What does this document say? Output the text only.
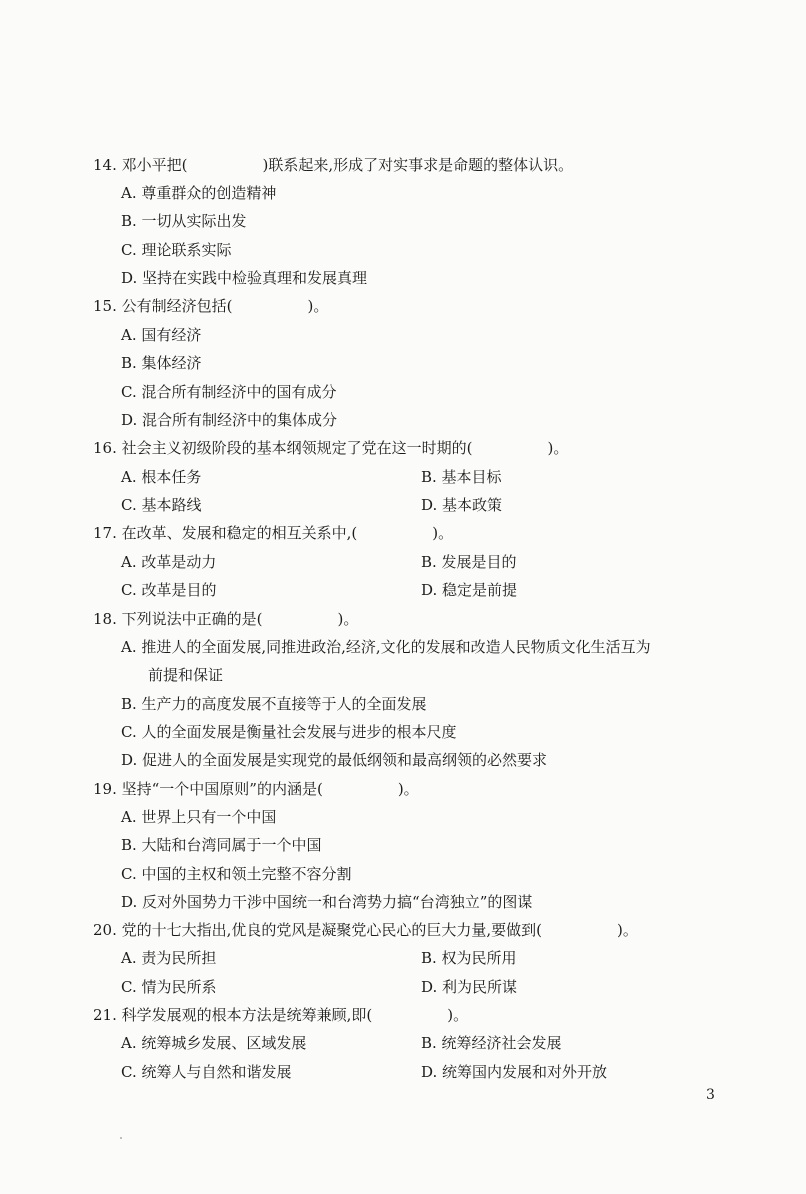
14. 邓小平把(　　　　　)联系起来,形成了对实事求是命题的整体认识。
A. 尊重群众的创造精神
B. 一切从实际出发
C. 理论联系实际
D. 坚持在实践中检验真理和发展真理
15. 公有制经济包括(　　　　　)。
A. 国有经济
B. 集体经济
C. 混合所有制经济中的国有成分
D. 混合所有制经济中的集体成分
16. 社会主义初级阶段的基本纲领规定了党在这一时期的(　　　　　)。
A. 根本任务	B. 基本目标
C. 基本路线	D. 基本政策
17. 在改革、发展和稳定的相互关系中,(　　　　　)。
A. 改革是动力	B. 发展是目的
C. 改革是目的	D. 稳定是前提
18. 下列说法中正确的是(　　　　　)。
A. 推进人的全面发展,同推进政治,经济,文化的发展和改造人民物质文化生活互为
前提和保证
B. 生产力的高度发展不直接等于人的全面发展
C. 人的全面发展是衡量社会发展与进步的根本尺度
D. 促进人的全面发展是实现党的最低纲领和最高纲领的必然要求
19. 坚持“一个中国原则”的内涵是(　　　　　)。
A. 世界上只有一个中国
B. 大陆和台湾同属于一个中国
C. 中国的主权和领土完整不容分割
D. 反对外国势力干涉中国统一和台湾势力搞“台湾独立”的图谋
20. 党的十七大指出,优良的党风是凝聚党心民心的巨大力量,要做到(　　　　　)。
A. 责为民所担	B. 权为民所用
C. 情为民所系	D. 利为民所谋
21. 科学发展观的根本方法是统筹兼顾,即(　　　　　)。
A. 统筹城乡发展、区域发展	B. 统筹经济社会发展
C. 统筹人与自然和谐发展	D. 统筹国内发展和对外开放
3
